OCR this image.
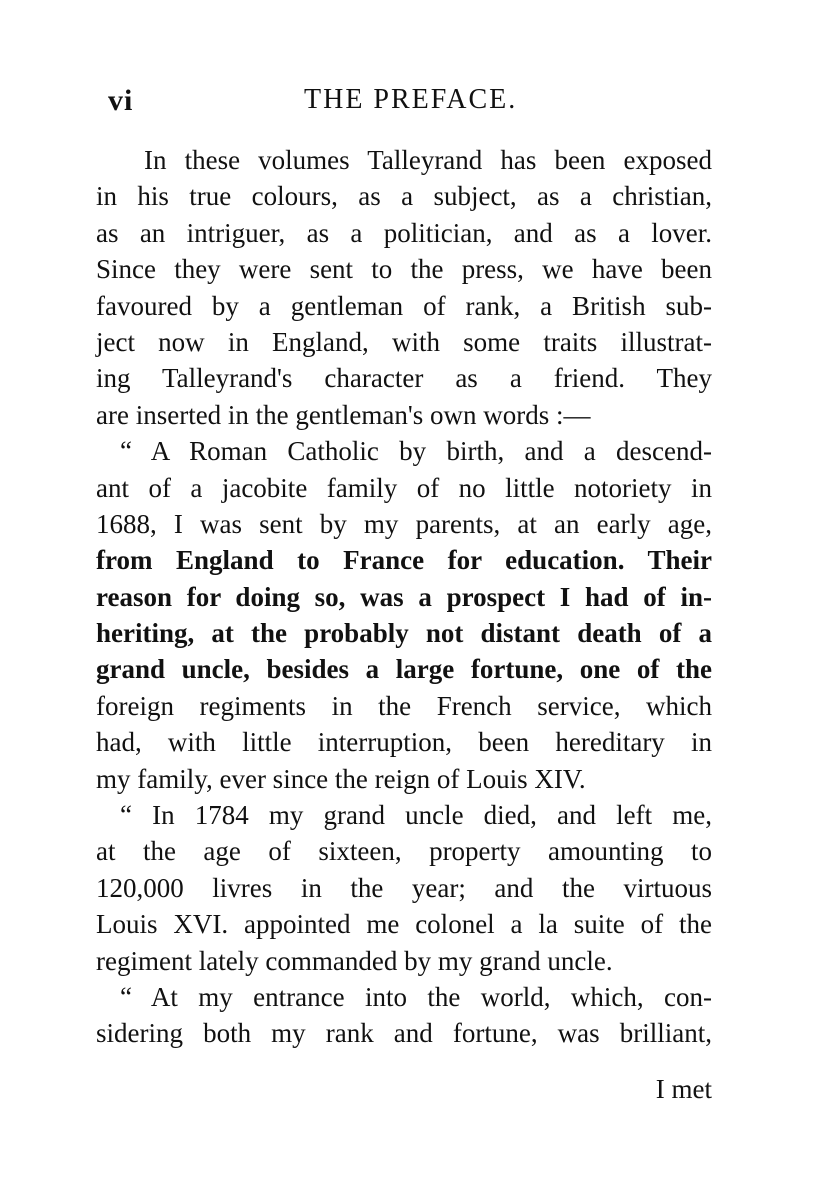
vi	THE PREFACE.
In these volumes Talleyrand has been exposed
in his true colours, as a subject, as a christian,
as an intriguer, as a politician, and as a lover.
Since they were sent to the press, we have been
favoured by a gentleman of rank, a British sub-
ject now in England, with some traits illustrat-
ing Talleyrand's character as a friend. They
are inserted in the gentleman's own words :—
“ A Roman Catholic by birth, and a descend-
ant of a jacobite family of no little notoriety in
1688, I was sent by my parents, at an early age,
from England to France for education. Their
reason for doing so, was a prospect I had of in-
heriting, at the probably not distant death of a
grand uncle, besides a large fortune, one of the
foreign regiments in the French service, which
had, with little interruption, been hereditary in
my family, ever since the reign of Louis XIV.
“ In 1784 my grand uncle died, and left me,
at the age of sixteen, property amounting to
120,000 livres in the year; and the virtuous
Louis XVI. appointed me colonel a la suite of the
regiment lately commanded by my grand uncle.
“ At my entrance into the world, which, con-
sidering both my rank and fortune, was brilliant,
I met
